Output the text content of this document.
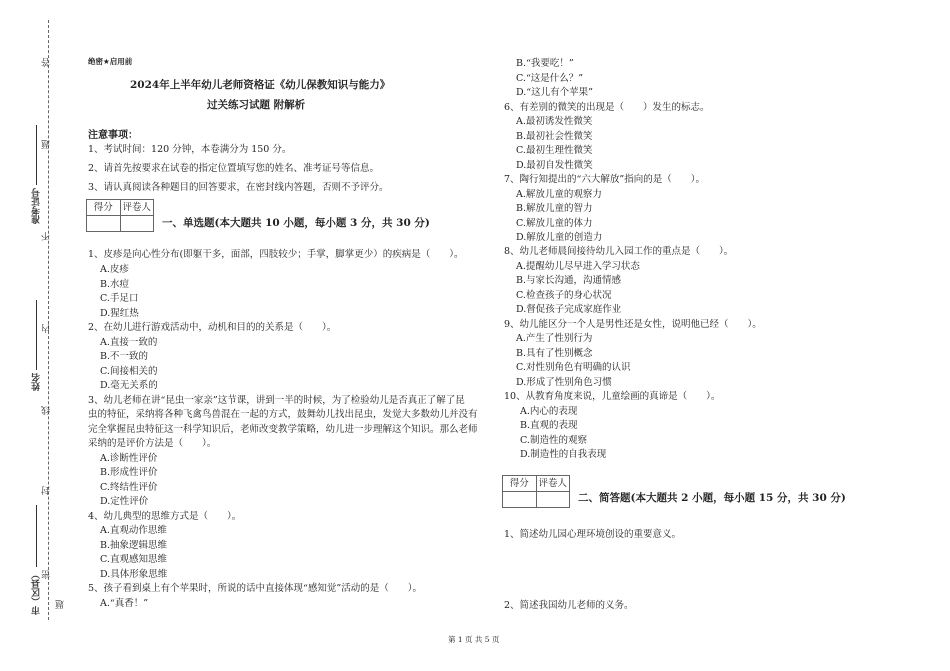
答
题
不
内
线
封
密
题
准考证号
姓名
市（区县）
绝密★启用前
2024年上半年幼儿老师资格证《幼儿保教知识与能力》
过关练习试题 附解析
注意事项：
1、考试时间：120 分钟，本卷满分为 150 分。
2、请首先按要求在试卷的指定位置填写您的姓名、准考证号等信息。
3、请认真阅读各种题目的回答要求，在密封线内答题，否则不予评分。
得分	评卷人
一、单选题(本大题共 10 小题，每小题 3 分，共 30 分)
1、皮疹是向心性分布(即躯干多，面部，四肢较少；手掌，脚掌更少）的疾病是（　　）。
A.皮疹
B.水痘
C.手足口
D.猩红热
2、在幼儿进行游戏活动中，动机和目的的关系是（　　）。
A.直接一致的
B.不一致的
C.间接相关的
D.毫无关系的
3、幼儿老师在讲“昆虫一家亲”这节课，讲到一半的时候，为了检验幼儿是否真正了解了昆
虫的特征，采纳将各种飞禽鸟兽混在一起的方式，鼓舞幼儿找出昆虫，发觉大多数幼儿并没有
完全掌握昆虫特征这一科学知识后，老师改变教学策略，幼儿进一步理解这个知识。那么老师
采纳的是评价方法是（　　）。
A.诊断性评价
B.形成性评价
C.终结性评价
D.定性评价
4、幼儿典型的思维方式是（　　）。
A.直观动作思维
B.抽象逻辑思维
C.直观感知思维
D.具体形象思维
5、孩子看到桌上有个苹果时，所说的话中直接体现“感知觉”活动的是（　　）。
A.“真香！”
B.“我要吃！”
C.“这是什么？”
D.“这儿有个苹果”
6、有差别的微笑的出现是（　　）发生的标志。
A.最初诱发性微笑
B.最初社会性微笑
C.最初生理性微笑
D.最初自发性微笑
7、陶行知提出的“六大解放”指向的是（　　）。
A.解放儿童的观察力
B.解放儿童的智力
C.解放儿童的体力
D.解放儿童的创造力
8、幼儿老师晨间接待幼儿入园工作的重点是（　　）。
A.提醒幼儿尽早进入学习状态
B.与家长沟通，沟通情感
C.检查孩子的身心状况
D.督促孩子完成家庭作业
9、幼儿能区分一个人是男性还是女性，说明他已经（　　）。
A.产生了性别行为
B.具有了性别概念
C.对性别角色有明确的认识
D.形成了性别角色习惯
10、从教育角度来说，儿童绘画的真谛是（　　）。
A.内心的表现
B.直观的表现
C.制造性的观察
D.制造性的自我表现
得分	评卷人
二、简答题(本大题共 2 小题，每小题 15 分，共 30 分)
1、简述幼儿园心理环境创设的重要意义。
2、简述我国幼儿老师的义务。
第 1 页 共 5 页
